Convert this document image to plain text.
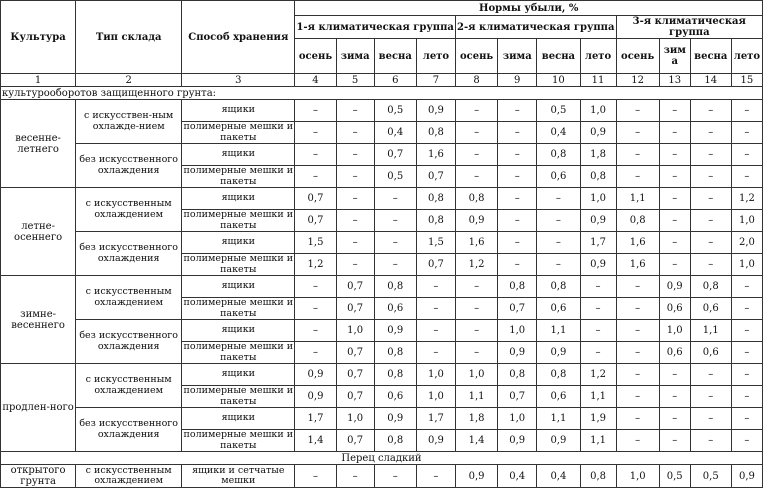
Культура	Тип склада	Способ хранения	Нормы убыли, %											
			1-я климатическая группа				2-я климатическая группа				3-я климатическая группа			
			осень	зима	весна	лето	осень	зима	весна	лето	осень	зим а	весна	лето
1	2	3	4	5	6	7	8	9	10	11	12	13	14	15
культурооборотов защищенного грунта:														
весенне-летнего	с искусствен-ным охлажде-нием	ящики	–	–	0,5	0,9	–	–	0,5	1,0	–	–	–	–
		полимерные мешки и пакеты	–	–	0,4	0,8	–	–	0,4	0,9	–	–	–	–
	без искусственного охлаждения	ящики	–	–	0,7	1,6	–	–	0,8	1,8	–	–	–	–
		полимерные мешки и пакеты	–	–	0,5	0,7	–	–	0,6	0,8	–	–	–	–
летне-осеннего	с искусственным охлаждением	ящики	0,7	–	–	0,8	0,8	–	–	1,0	1,1	–	–	1,2
		полимерные мешки и пакеты	0,7	–	–	0,8	0,9	–	–	0,9	0,8	–	–	1,0
	без искусственного охлаждения	ящики	1,5	–	–	1,5	1,6	–	–	1,7	1,6	–	–	2,0
		полимерные мешки и пакеты	1,2	–	–	0,7	1,2	–	–	0,9	1,6	–	–	1,0
зимне-весеннего	с искусственным охлаждением	ящики	–	0,7	0,8	–	–	0,8	0,8	–	–	0,9	0,8	–
		полимерные мешки и пакеты	–	0,7	0,6	–	–	0,7	0,6	–	–	0,6	0,6	–
	без искусственного охлаждения	ящики	–	1,0	0,9	–	–	1,0	1,1	–	–	1,0	1,1	–
		полимерные мешки и пакеты	–	0,7	0,8	–	–	0,9	0,9	–	–	0,6	0,6	–
продлен-ного	с искусственным охлаждением	ящики	0,9	0,7	0,8	1,0	1,0	0,8	0,8	1,2	–	–	–	–
		полимерные мешки и пакеты	0,9	0,7	0,6	1,0	1,1	0,7	0,6	1,1	–	–	–	–
	без искусственного охлаждения	ящики	1,7	1,0	0,9	1,7	1,8	1,0	1,1	1,9	–	–	–	–
		полимерные мешки и пакеты	1,4	0,7	0,8	0,9	1,4	0,9	0,9	1,1	–	–	–	–
Перец сладкий														
открытого грунта	с искусственным охлаждением	ящики и сетчатые мешки	–	–	–	–	0,9	0,4	0,4	0,8	1,0	0,5	0,5	0,9
